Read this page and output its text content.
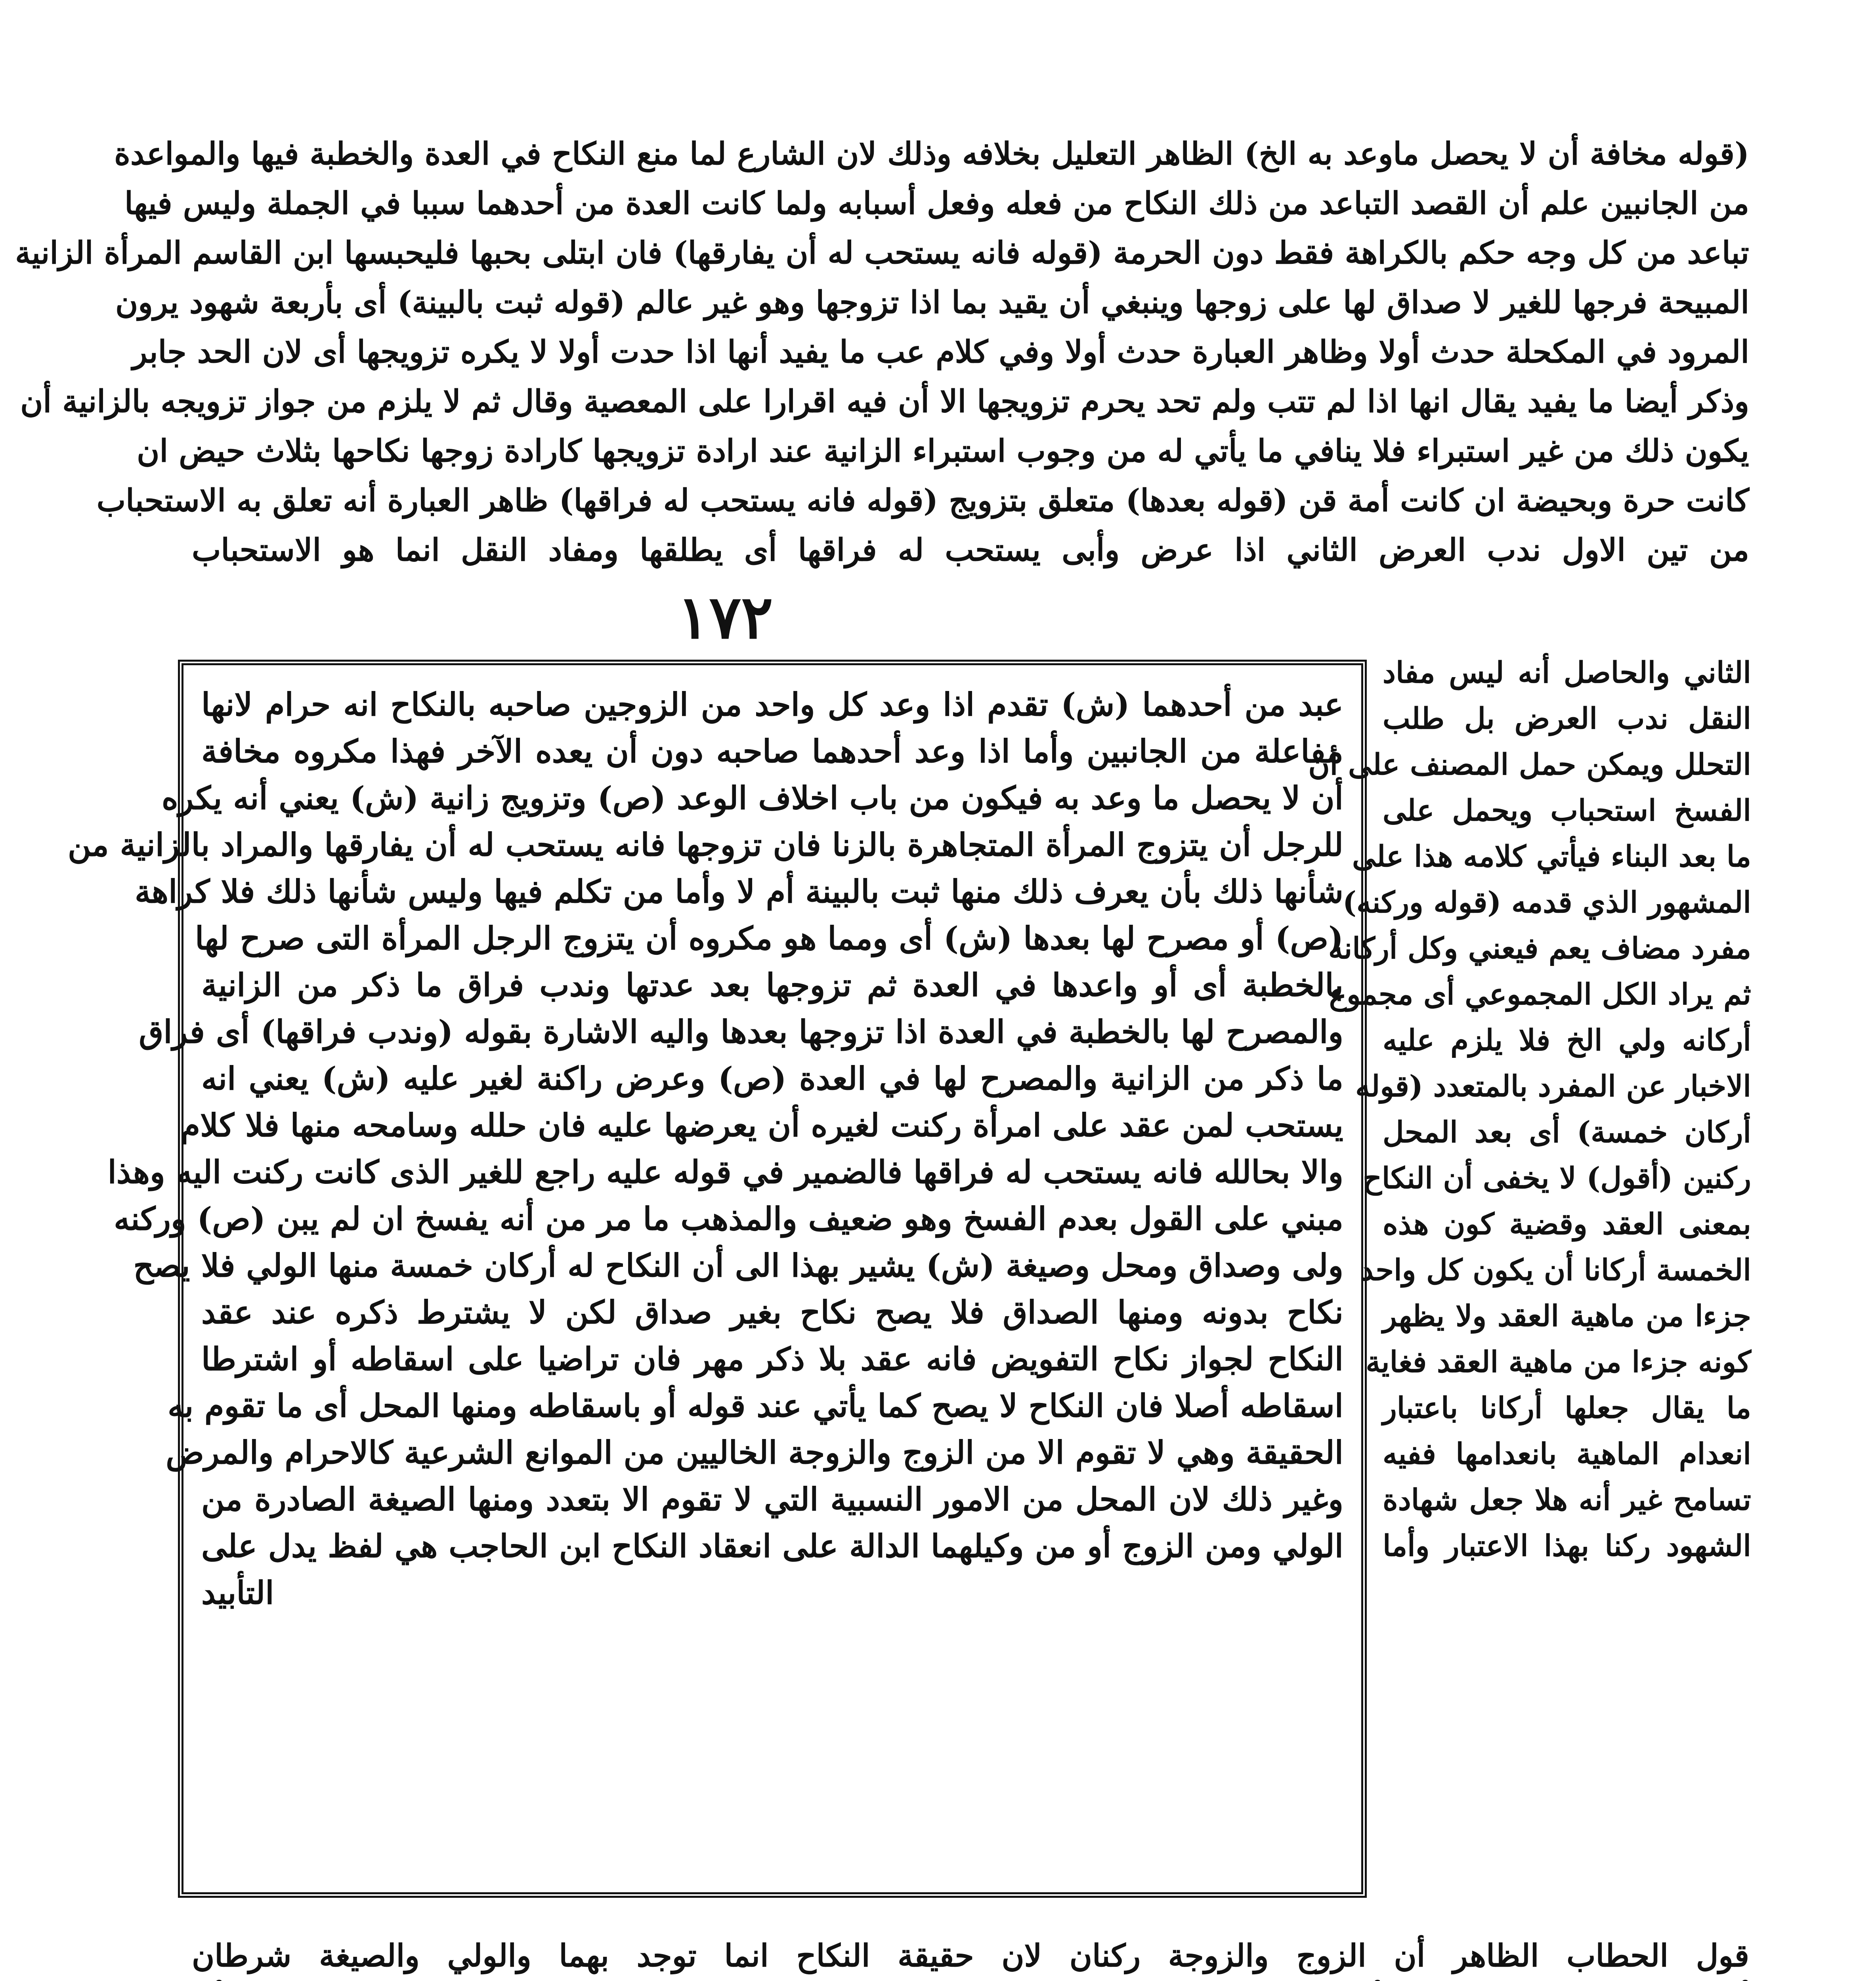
(قوله مخافة أن لا يحصل ماوعد به الخ) الظاهر التعليل بخلافه وذلك لان الشارع لما منع النكاح في العدة والخطبة فيها والمواعدة
من الجانبين علم أن القصد التباعد من ذلك النكاح من فعله وفعل أسبابه ولما كانت العدة من أحدهما سببا في الجملة وليس فيها
تباعد من كل وجه حكم بالكراهة فقط دون الحرمة (قوله فانه يستحب له أن يفارقها) فان ابتلى بحبها فليحبسها ابن القاسم المرأة الزانية
المبيحة فرجها للغير لا صداق لها على زوجها وينبغي أن يقيد بما اذا تزوجها وهو غير عالم (قوله ثبت بالبينة) أى بأربعة شهود يرون
المرود في المكحلة حدث أولا وظاهر العبارة حدث أولا وفي كلام عب ما يفيد أنها اذا حدت أولا لا يكره تزويجها أى لان الحد جابر
وذكر أيضا ما يفيد يقال انها اذا لم تتب ولم تحد يحرم تزويجها الا أن فيه اقرارا على المعصية وقال ثم لا يلزم من جواز تزويجه بالزانية أن
يكون ذلك من غير استبراء فلا ينافي ما يأتي له من وجوب استبراء الزانية عند ارادة تزويجها كارادة زوجها نكاحها بثلاث حيض ان
كانت حرة وبحيضة ان كانت أمة قن (قوله بعدها) متعلق بتزويج (قوله فانه يستحب له فراقها) ظاهر العبارة أنه تعلق به الاستحباب
من تين الاول ندب العرض الثاني اذا عرض وأبى يستحب له فراقها أى يطلقها ومفاد النقل انما هو الاستحباب
١٧٢
الثاني والحاصل أنه ليس مفاد
النقل ندب العرض بل طلب
التحلل ويمكن حمل المصنف على أن
الفسخ استحباب ويحمل على
ما بعد البناء فيأتي كلامه هذا على
المشهور الذي قدمه (قوله وركنه)
مفرد مضاف يعم فيعني وكل أركانه
ثم يراد الكل المجموعي أى مجموع
أركانه ولي الخ فلا يلزم عليه
الاخبار عن المفرد بالمتعدد (قوله
أركان خمسة) أى بعد المحل
ركنين (أقول) لا يخفى أن النكاح
بمعنى العقد وقضية كون هذه
الخمسة أركانا أن يكون كل واحد
جزءا من ماهية العقد ولا يظهر
كونه جزءا من ماهية العقد فغاية
ما يقال جعلها أركانا باعتبار
انعدام الماهية بانعدامها ففيه
تسامح غير أنه هلا جعل شهادة
الشهود ركنا بهذا الاعتبار وأما
عبد من أحدهما (ش) تقدم اذا وعد كل واحد من الزوجين صاحبه بالنكاح انه حرام لانها
مفاعلة من الجانبين وأما اذا وعد أحدهما صاحبه دون أن يعده الآخر فهذا مكروه مخافة
أن لا يحصل ما وعد به فيكون من باب اخلاف الوعد (ص) وتزويج زانية (ش) يعني أنه يكره
للرجل أن يتزوج المرأة المتجاهرة بالزنا فان تزوجها فانه يستحب له أن يفارقها والمراد بالزانية من
شأنها ذلك بأن يعرف ذلك منها ثبت بالبينة أم لا وأما من تكلم فيها وليس شأنها ذلك فلا كراهة
(ص) أو مصرح لها بعدها (ش) أى ومما هو مكروه أن يتزوج الرجل المرأة التى صرح لها
بالخطبة أى أو واعدها في العدة ثم تزوجها بعد عدتها وندب فراق ما ذكر من الزانية
والمصرح لها بالخطبة في العدة اذا تزوجها بعدها واليه الاشارة بقوله (وندب فراقها) أى فراق
ما ذكر من الزانية والمصرح لها في العدة (ص) وعرض راكنة لغير عليه (ش) يعني انه
يستحب لمن عقد على امرأة ركنت لغيره أن يعرضها عليه فان حلله وسامحه منها فلا كلام
والا بحالله فانه يستحب له فراقها فالضمير في قوله عليه راجع للغير الذى كانت ركنت اليه وهذا
مبني على القول بعدم الفسخ وهو ضعيف والمذهب ما مر من أنه يفسخ ان لم يبن (ص) وركنه
ولى وصداق ومحل وصيغة (ش) يشير بهذا الى أن النكاح له أركان خمسة منها الولي فلا يصح
نكاح بدونه ومنها الصداق فلا يصح نكاح بغير صداق لكن لا يشترط ذكره عند عقد
النكاح لجواز نكاح التفويض فانه عقد بلا ذكر مهر فان تراضيا على اسقاطه أو اشترطا
اسقاطه أصلا فان النكاح لا يصح كما يأتي عند قوله أو باسقاطه ومنها المحل أى ما تقوم به
الحقيقة وهي لا تقوم الا من الزوج والزوجة الخاليين من الموانع الشرعية كالاحرام والمرض
وغير ذلك لان المحل من الامور النسبية التي لا تقوم الا بتعدد ومنها الصيغة الصادرة من
الولي ومن الزوج أو من وكيلهما الدالة على انعقاد النكاح ابن الحاجب هي لفظ يدل على
التأبيد
قول الحطاب الظاهر أن الزوج والزوجة ركنان لان حقيقة النكاح انما توجد بهما والولي والصيغة شرطان
